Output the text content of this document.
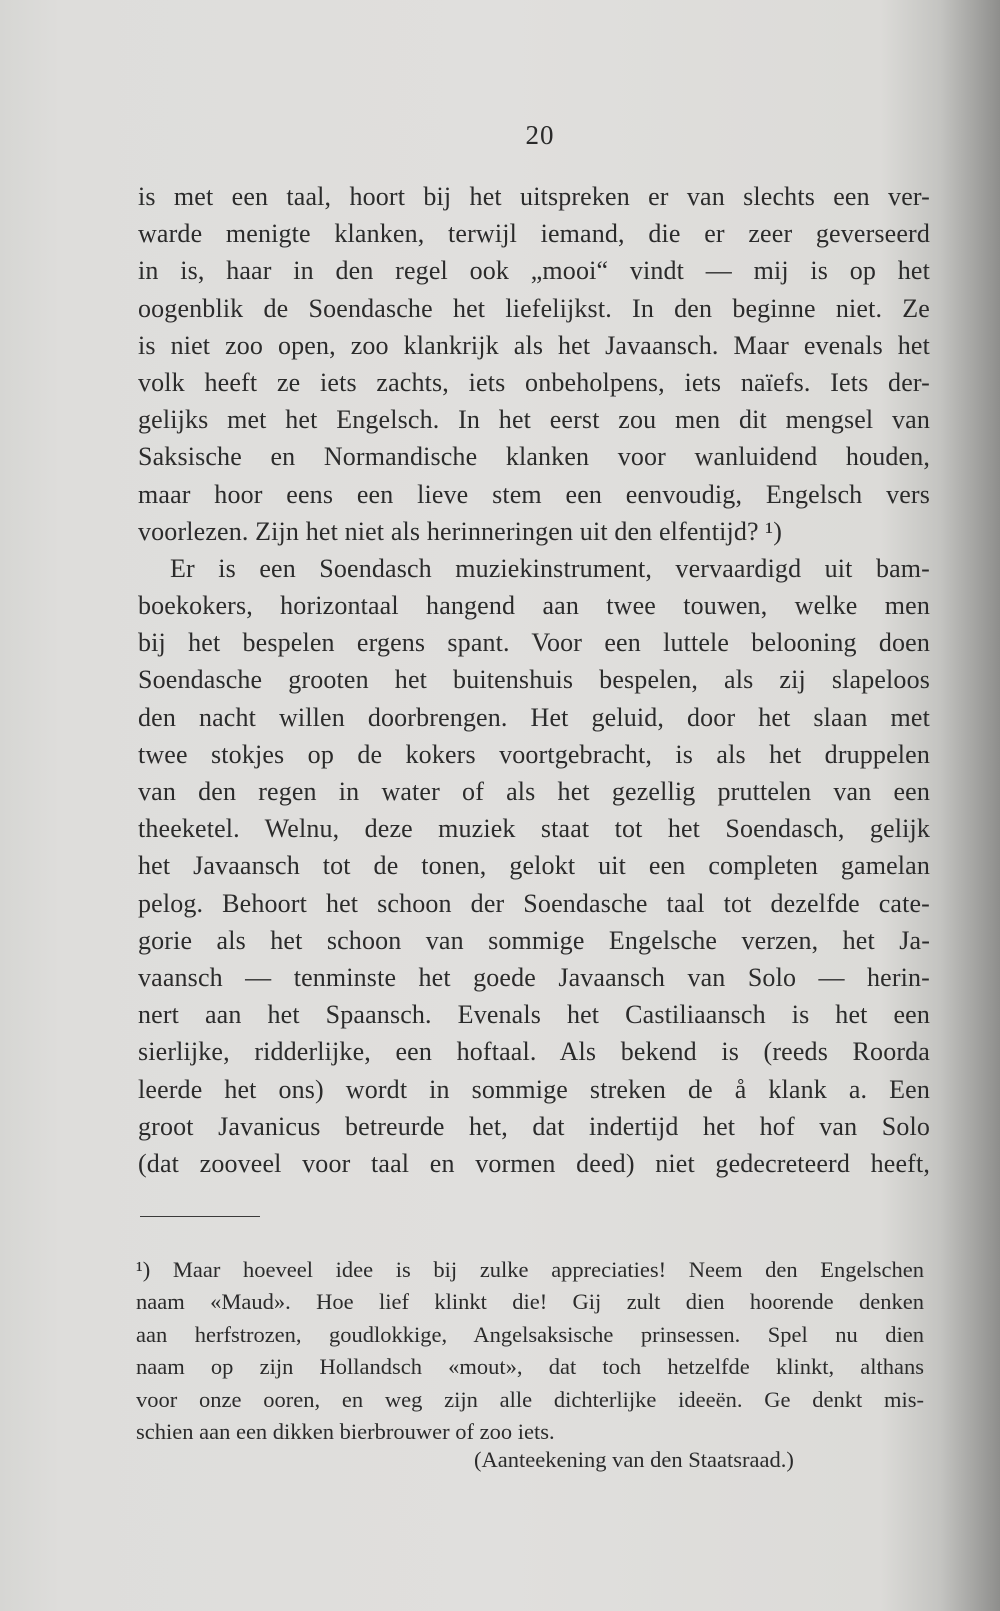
20
is met een taal, hoort bij het uitspreken er van slechts een ver-
warde menigte klanken, terwijl iemand, die er zeer geverseerd
in is, haar in den regel ook „mooi“ vindt — mij is op het
oogenblik de Soendasche het liefelijkst. In den beginne niet. Ze
is niet zoo open, zoo klankrijk als het Javaansch. Maar evenals het
volk heeft ze iets zachts, iets onbeholpens, iets naïefs. Iets der-
gelijks met het Engelsch. In het eerst zou men dit mengsel van
Saksische en Normandische klanken voor wanluidend houden,
maar hoor eens een lieve stem een eenvoudig, Engelsch vers
voorlezen. Zijn het niet als herinneringen uit den elfentijd? ¹)
Er is een Soendasch muziekinstrument, vervaardigd uit bam-
boekokers, horizontaal hangend aan twee touwen, welke men
bij het bespelen ergens spant. Voor een luttele belooning doen
Soendasche grooten het buitenshuis bespelen, als zij slapeloos
den nacht willen doorbrengen. Het geluid, door het slaan met
twee stokjes op de kokers voortgebracht, is als het druppelen
van den regen in water of als het gezellig pruttelen van een
theeketel. Welnu, deze muziek staat tot het Soendasch, gelijk
het Javaansch tot de tonen, gelokt uit een completen gamelan
pelog. Behoort het schoon der Soendasche taal tot dezelfde cate-
gorie als het schoon van sommige Engelsche verzen, het Ja-
vaansch — tenminste het goede Javaansch van Solo — herin-
nert aan het Spaansch. Evenals het Castiliaansch is het een
sierlijke, ridderlijke, een hoftaal. Als bekend is (reeds Roorda
leerde het ons) wordt in sommige streken de å klank a. Een
groot Javanicus betreurde het, dat indertijd het hof van Solo
(dat zooveel voor taal en vormen deed) niet gedecreteerd heeft,
¹) Maar hoeveel idee is bij zulke appreciaties! Neem den Engelschen
naam «Maud». Hoe lief klinkt die! Gij zult dien hoorende denken
aan herfstrozen, goudlokkige, Angelsaksische prinsessen. Spel nu dien
naam op zijn Hollandsch «mout», dat toch hetzelfde klinkt, althans
voor onze ooren, en weg zijn alle dichterlijke ideeën. Ge denkt mis-
schien aan een dikken bierbrouwer of zoo iets.
(Aanteekening van den Staatsraad.)
